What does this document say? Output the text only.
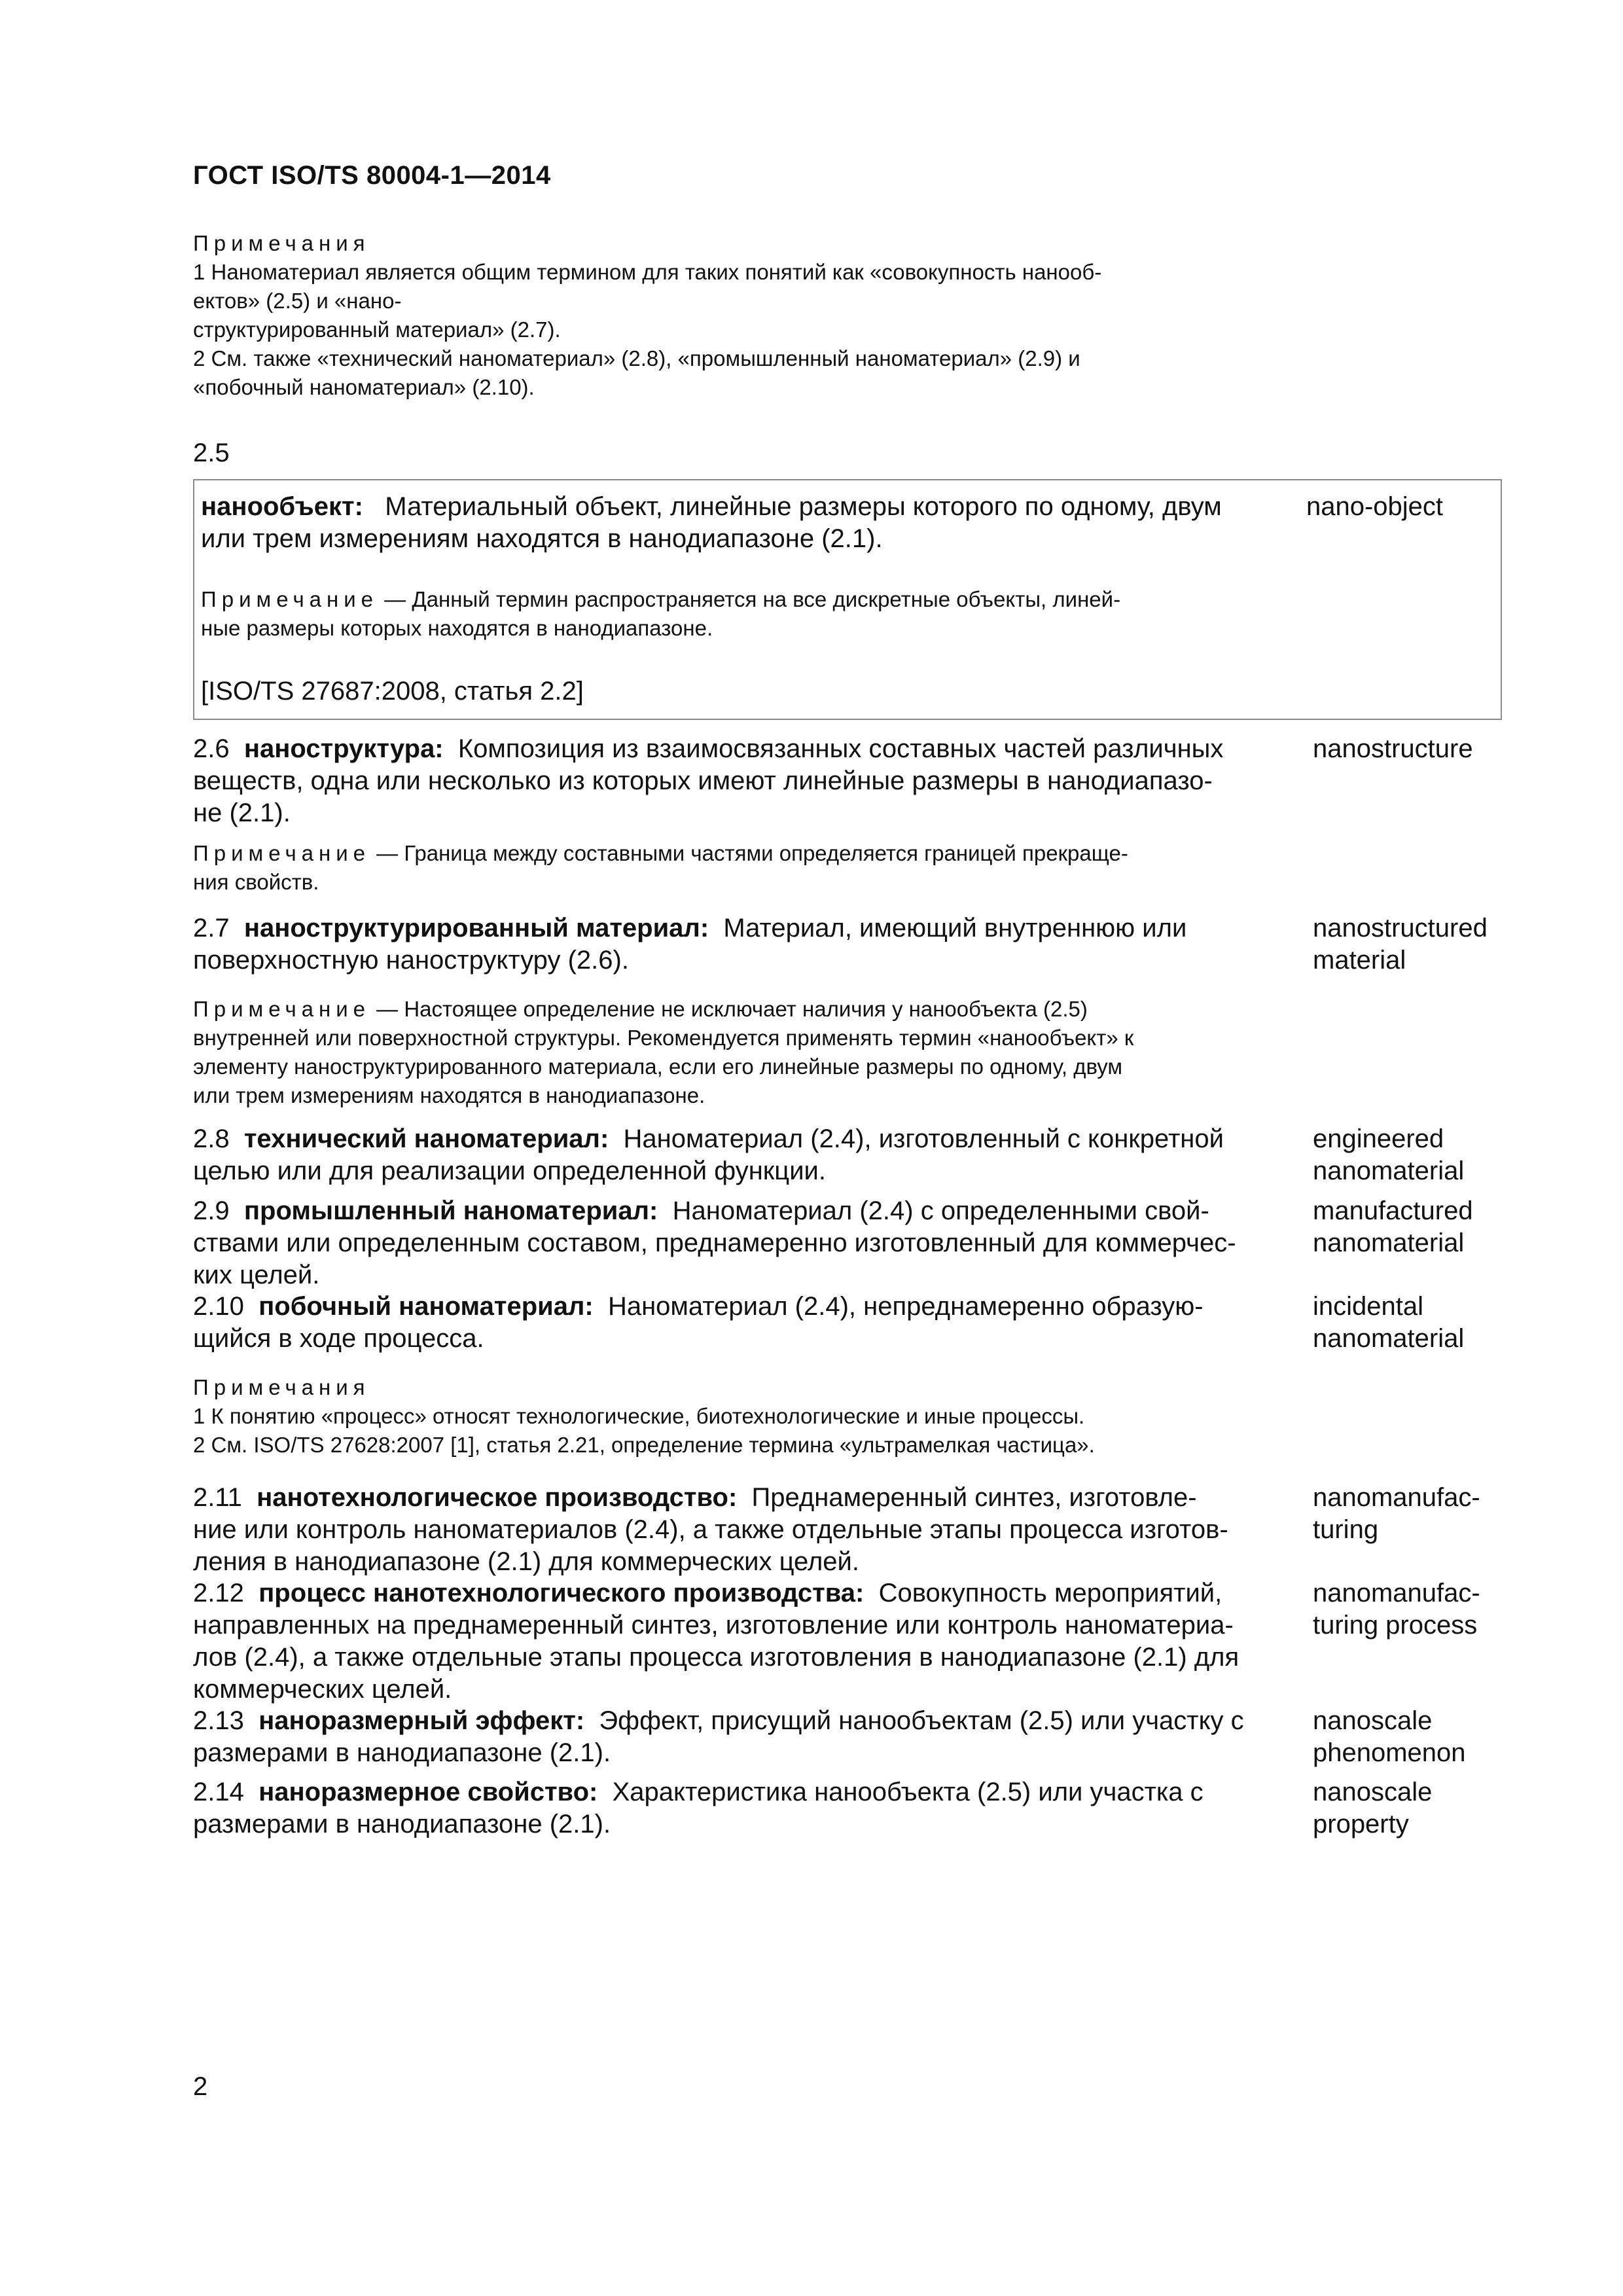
ГОСТ ISO/TS 80004-1—2014
Примечания
1 Наноматериал является общим термином для таких понятий как «совокупность нанооб-
ектов» (2.5) и «нано-
структурированный материал» (2.7).
2 См. также «технический наноматериал» (2.8), «промышленный наноматериал» (2.9) и
«побочный наноматериал» (2.10).
2.5
нанообъект: Материальный объект, линейные размеры которого по одному, двум
или трем измерениям находятся в нанодиапазоне (2.1).
Примечание — Данный термин распространяется на все дискретные объекты, линей-
ные размеры которых находятся в нанодиапазоне.
[ISO/TS 27687:2008, статья 2.2]
nano-object
2.6 наноструктура: Композиция из взаимосвязанных составных частей различных
веществ, одна или несколько из которых имеют линейные размеры в нанодиапазо-
не (2.1).
Примечание — Граница между составными частями определяется границей прекраще-
ния свойств.
nanostructure
2.7 наноструктурированный материал: Материал, имеющий внутреннюю или
поверхностную наноструктуру (2.6).
Примечание — Настоящее определение не исключает наличия у нанообъекта (2.5)
внутренней или поверхностной структуры. Рекомендуется применять термин «нанообъект» к
элементу наноструктурированного материала, если его линейные размеры по одному, двум
или трем измерениям находятся в нанодиапазоне.
nanostructured
material
2.8 технический наноматериал: Наноматериал (2.4), изготовленный с конкретной
целью или для реализации определенной функции.
engineered
nanomaterial
2.9 промышленный наноматериал: Наноматериал (2.4) с определенными свой-
ствами или определенным составом, преднамеренно изготовленный для коммерчес-
ких целей.
manufactured
nanomaterial
2.10 побочный наноматериал: Наноматериал (2.4), непреднамеренно образую-
щийся в ходе процесса.
incidental
nanomaterial
Примечания
1 К понятию «процесс» относят технологические, биотехнологические и иные процессы.
2 См. ISO/TS 27628:2007 [1], статья 2.21, определение термина «ультрамелкая частица».
2.11 нанотехнологическое производство: Преднамеренный синтез, изготовле-
ние или контроль наноматериалов (2.4), а также отдельные этапы процесса изготов-
ления в нанодиапазоне (2.1) для коммерческих целей.
nanomanufac-
turing
2.12 процесс нанотехнологического производства: Совокупность мероприятий,
направленных на преднамеренный синтез, изготовление или контроль наноматериа-
лов (2.4), а также отдельные этапы процесса изготовления в нанодиапазоне (2.1) для
коммерческих целей.
nanomanufac-
turing process
2.13 наноразмерный эффект: Эффект, присущий нанообъектам (2.5) или участку с
размерами в нанодиапазоне (2.1).
nanoscale
phenomenon
2.14 наноразмерное свойство: Характеристика нанообъекта (2.5) или участка с
размерами в нанодиапазоне (2.1).
nanoscale
property
2
